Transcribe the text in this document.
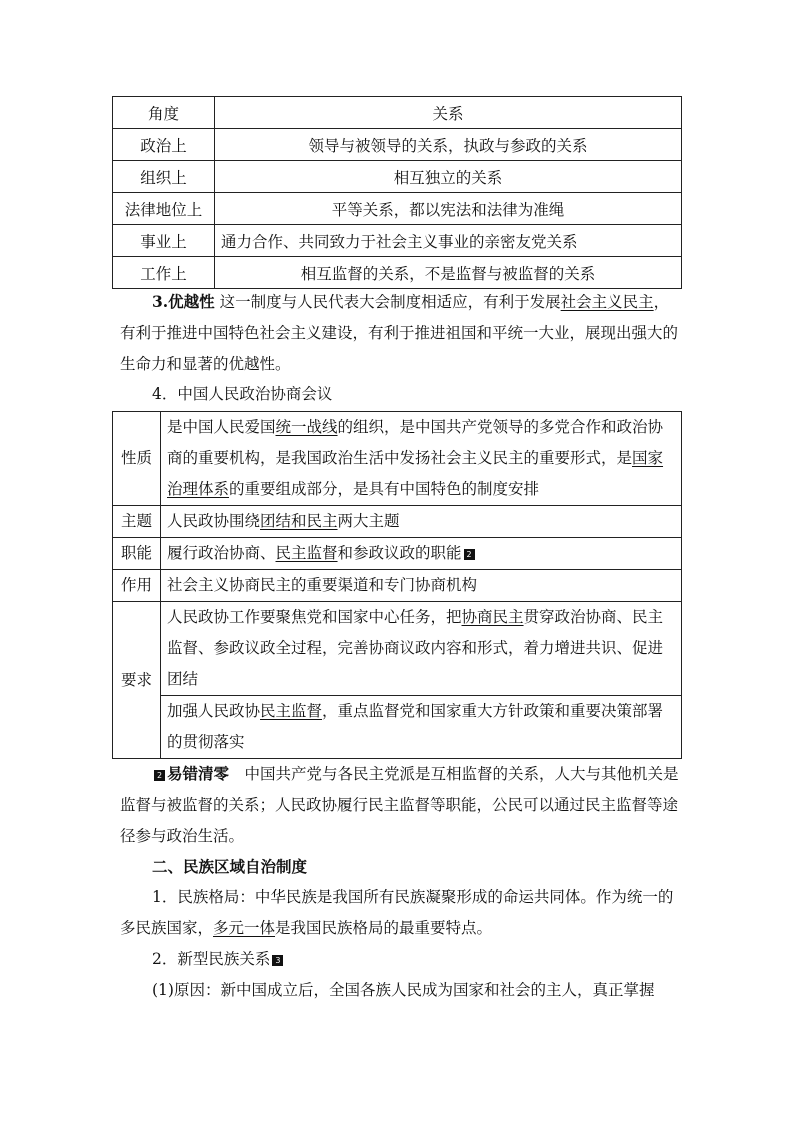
角度	关系
政治上	领导与被领导的关系，执政与参政的关系
组织上	相互独立的关系
法律地位上	平等关系，都以宪法和法律为准绳
事业上	通力合作、共同致力于社会主义事业的亲密友党关系
工作上	相互监督的关系，不是监督与被监督的关系

3.优越性 这一制度与人民代表大会制度相适应，有利于发展社会主义民主，有利于推进中国特色社会主义建设，有利于推进祖国和平统一大业，展现出强大的生命力和显著的优越性。

4．中国人民政治协商会议

性质	是中国人民爱国统一战线的组织，是中国共产党领导的多党合作和政治协商的重要机构，是我国政治生活中发扬社会主义民主的重要形式，是国家治理体系的重要组成部分，是具有中国特色的制度安排
主题	人民政协围绕团结和民主两大主题
职能	履行政治协商、民主监督和参政议政的职能 2
作用	社会主义协商民主的重要渠道和专门协商机构
要求	人民政协工作要聚焦党和国家中心任务，把协商民主贯穿政治协商、民主监督、参政议政全过程，完善协商议政内容和形式，着力增进共识、促进团结
	加强人民政协民主监督，重点监督党和国家重大方针政策和重要决策部署的贯彻落实

2 易错清零　 中国共产党与各民主党派是互相监督的关系，人大与其他机关是监督与被监督的关系；人民政协履行民主监督等职能，公民可以通过民主监督等途径参与政治生活。

二、民族区域自治制度

1．民族格局：中华民族是我国所有民族凝聚形成的命运共同体。作为统一的多民族国家，多元一体是我国民族格局的最重要特点。

2．新型民族关系 3

(1)原因：新中国成立后，全国各族人民成为国家和社会的主人，真正掌握
